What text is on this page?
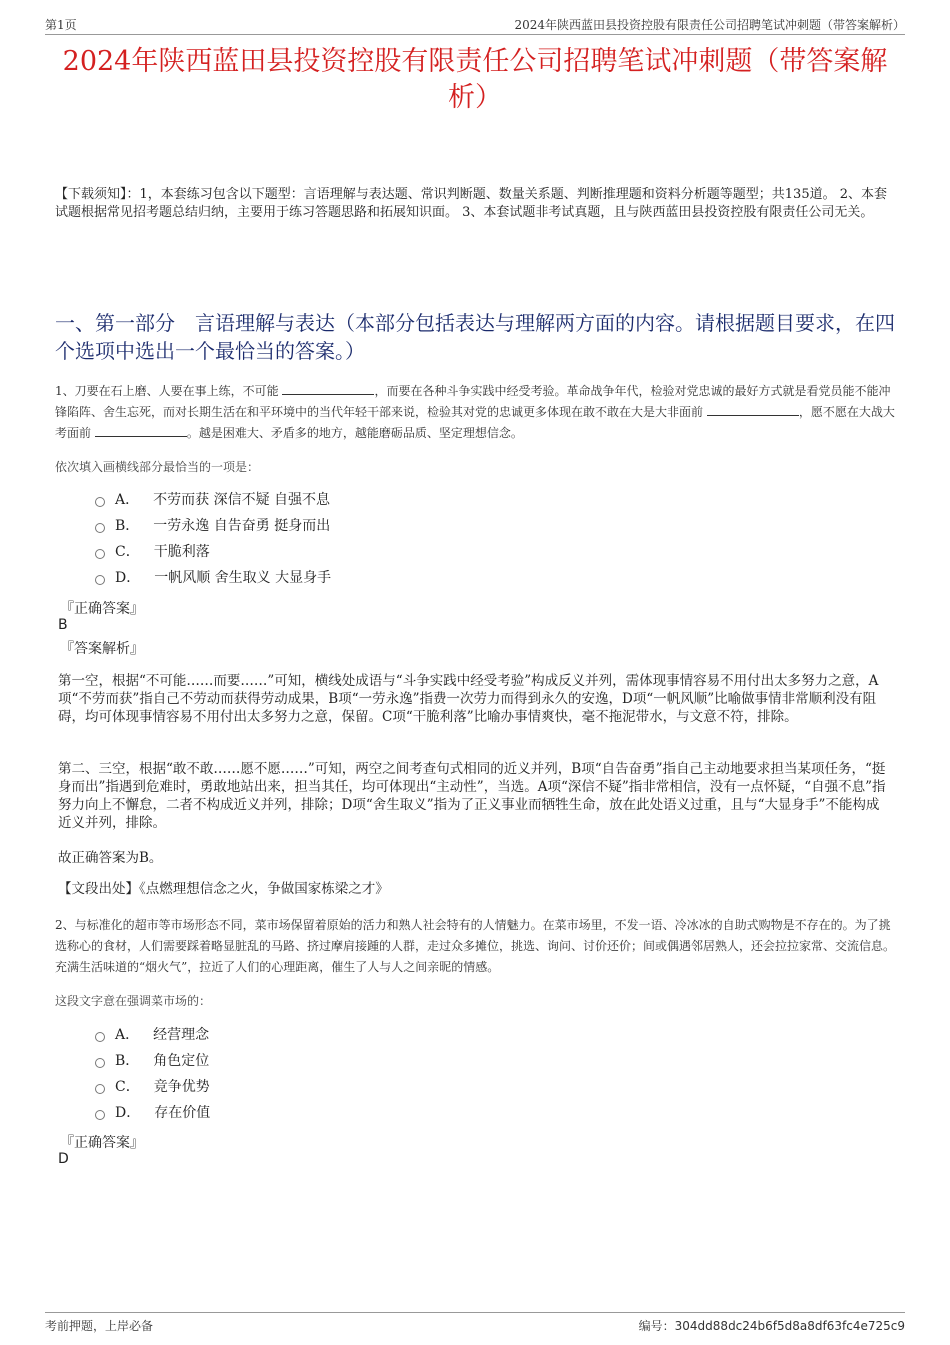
第1页	2024年陕西蓝田县投资控股有限责任公司招聘笔试冲刺题（带答案解析）
2024年陕西蓝田县投资控股有限责任公司招聘笔试冲刺题（带答案解析）
【下载须知】：1，本套练习包含以下题型：言语理解与表达题、常识判断题、数量关系题、判断推理题和资料分析题等题型；共135道。 2、本套试题根据常见招考题总结归纳，主要用于练习答题思路和拓展知识面。 3、本套试题非考试真题，且与陕西蓝田县投资控股有限责任公司无关。
一、第一部分　言语理解与表达（本部分包括表达与理解两方面的内容。请根据题目要求，在四个选项中选出一个最恰当的答案。）
1、刀要在石上磨、人要在事上练，不可能	，而要在各种斗争实践中经受考验。革命战争年代，检验对党忠诚的最好方式就是看党员能不能冲锋陷阵、舍生忘死，而对长期生活在和平环境中的当代年轻干部来说，检验其对党的忠诚更多体现在敢不敢在大是大非面前	，愿不愿在大战大考面前	。越是困难大、矛盾多的地方，越能磨砺品质、坚定理想信念。
依次填入画横线部分最恰当的一项是：
A． 不劳而获 深信不疑 自强不息
B． 一劳永逸 自告奋勇 挺身而出
C． 干脆利落
D． 一帆风顺 舍生取义 大显身手
『正确答案』
B
『答案解析』
第一空，根据“不可能……而要……”可知，横线处成语与“斗争实践中经受考验”构成反义并列，需体现事情容易不用付出太多努力之意，A项“不劳而获”指自己不劳动而获得劳动成果，B项“一劳永逸”指费一次劳力而得到永久的安逸，D项“一帆风顺”比喻做事情非常顺利没有阻碍，均可体现事情容易不用付出太多努力之意，保留。C项“干脆利落”比喻办事情爽快，毫不拖泥带水，与文意不符，排除。
第二、三空，根据“敢不敢……愿不愿……”可知，两空之间考查句式相同的近义并列，B项“自告奋勇”指自己主动地要求担当某项任务，“挺身而出”指遇到危难时，勇敢地站出来，担当其任，均可体现出“主动性”，当选。A项“深信不疑”指非常相信，没有一点怀疑，“自强不息”指努力向上不懈怠，二者不构成近义并列，排除；D项“舍生取义”指为了正义事业而牺牲生命，放在此处语义过重，且与“大显身手”不能构成近义并列，排除。
故正确答案为B。
【文段出处】《点燃理想信念之火，争做国家栋梁之才》
2、与标准化的超市等市场形态不同，菜市场保留着原始的活力和熟人社会特有的人情魅力。在菜市场里，不发一语、冷冰冰的自助式购物是不存在的。为了挑选称心的食材，人们需要踩着略显脏乱的马路、挤过摩肩接踵的人群，走过众多摊位，挑选、询问、讨价还价；间或偶遇邻居熟人，还会拉拉家常、交流信息。充满生活味道的“烟火气”，拉近了人们的心理距离，催生了人与人之间亲昵的情感。
这段文字意在强调菜市场的：
A． 经营理念
B． 角色定位
C． 竞争优势
D． 存在价值
『正确答案』
D
考前押题，上岸必备	编号：304dd88dc24b6f5d8a8df63fc4e725c9
